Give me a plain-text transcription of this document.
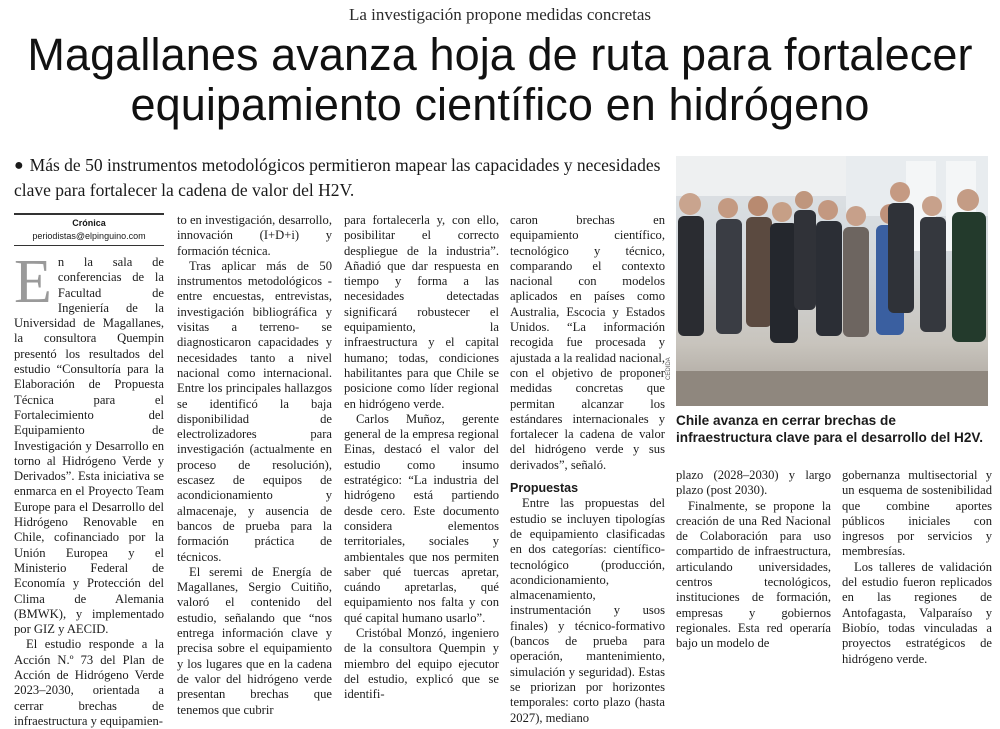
La investigación propone medidas concretas
Magallanes avanza hoja de ruta para fortalecer
equipamiento científico en hidrógeno
● Más de 50 instrumentos metodológicos permitieron mapear las capacidades y necesidades clave para fortalecer la cadena de valor del H2V.
Crónica
periodistas@elpinguino.com
E n la sala de conferencias de la Facultad de Ingeniería de la Universidad de Magallanes, la consultora Quempin presentó los resultados del estudio “Consultoría para la Elaboración de Propuesta Técnica para el Fortalecimiento del Equipamiento de Investigación y Desarrollo en torno al Hidrógeno Verde y Derivados”. Esta iniciativa se enmarca en el Proyecto Team Europe para el Desarrollo del Hidrógeno Renovable en Chile, cofinanciado por la Unión Europea y el Ministerio Federal de Economía y Protección del Clima de Alemania (BMWK), y implementado por GIZ y AECID.

El estudio responde a la Acción N.º 73 del Plan de Acción de Hidrógeno Verde 2023–2030, orientada a cerrar brechas de infraestructura y equipamien-

to en investigación, desarrollo, innovación (I+D+i) y formación técnica.

Tras aplicar más de 50 instrumentos metodológicos -entre encuestas, entrevistas, investigación bibliográfica y visitas a terreno- se diagnosticaron capacidades y necesidades tanto a nivel nacional como internacional. Entre los principales hallazgos se identificó la baja disponibilidad de electrolizadores para investigación (actualmente en proceso de resolución), escasez de equipos de acondicionamiento y almacenaje, y ausencia de bancos de prueba para la formación práctica de técnicos.

El seremi de Energía de Magallanes, Sergio Cuitiño, valoró el contenido del estudio, señalando que “nos entrega información clave y precisa sobre el equipamiento y los lugares que en la cadena de valor del hidrógeno verde presentan brechas que tenemos que cubrir

para fortalecerla y, con ello, posibilitar el correcto despliegue de la industria”. Añadió que dar respuesta en tiempo y forma a las necesidades detectadas significará robustecer el equipamiento, la infraestructura y el capital humano; todas, condiciones habilitantes para que Chile se posicione como líder regional en hidrógeno verde.

Carlos Muñoz, gerente general de la empresa regional Einas, destacó el valor del estudio como insumo estratégico: “La industria del hidrógeno está partiendo desde cero. Este documento considera elementos territoriales, sociales y ambientales que nos permiten saber qué tuercas apretar, cuándo apretarlas, qué equipamiento nos falta y con qué capital humano usarlo”.

Cristóbal Monzó, ingeniero de la consultora Quempin y miembro del equipo ejecutor del estudio, explicó que se identifi-

caron brechas en equipamiento científico, tecnológico y técnico, comparando el contexto nacional con modelos aplicados en países como Australia, Escocia y Estados Unidos. “La información recogida fue procesada y ajustada a la realidad nacional, con el objetivo de proponer medidas concretas que permitan alcanzar los estándares internacionales y fortalecer la cadena de valor del hidrógeno verde y sus derivados”, señaló.

Propuestas

Entre las propuestas del estudio se incluyen tipologías de equipamiento clasificadas en dos categorías: científico-tecnológico (producción, acondicionamiento, almacenamiento, instrumentación y usos finales) y técnico-formativo (bancos de prueba para operación, mantenimiento, simulación y seguridad). Estas se priorizan por horizontes temporales: corto plazo (hasta 2027), mediano

CEDIDA
Chile avanza en cerrar brechas de infraestructura clave para el desarrollo del H2V.

plazo (2028–2030) y largo plazo (post 2030).

Finalmente, se propone la creación de una Red Nacional de Colaboración para uso compartido de infraestructura, articulando universidades, centros tecnológicos, instituciones de formación, empresas y gobiernos regionales. Esta red operaría bajo un modelo de

gobernanza multisectorial y un esquema de sostenibilidad que combine aportes públicos iniciales con ingresos por servicios y membresías.

Los talleres de validación del estudio fueron replicados en las regiones de Antofagasta, Valparaíso y Biobío, todas vinculadas a proyectos estratégicos de hidrógeno verde.
